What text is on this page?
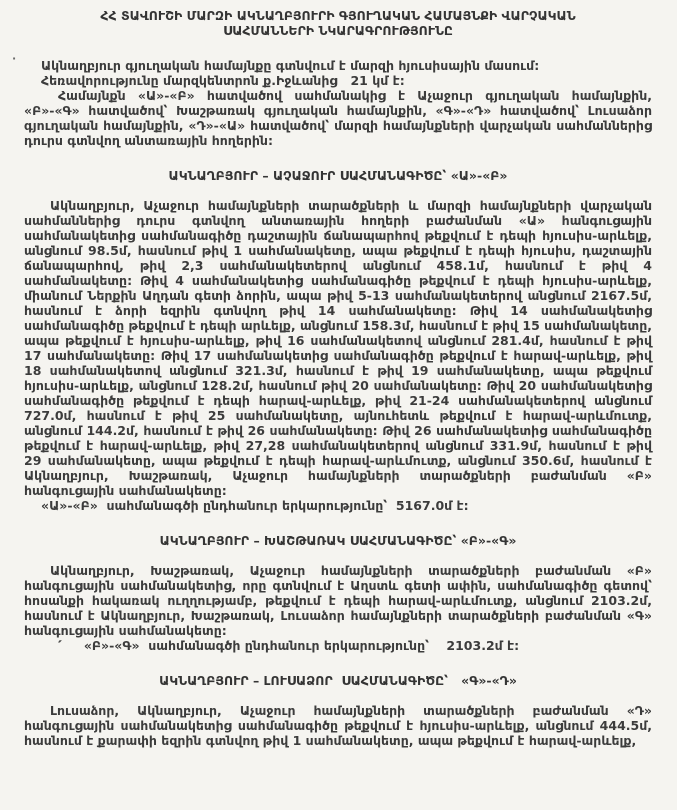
ՀՀ ՏԱՎՈՒՇԻ ՄԱՐԶԻ ԱԿՆԱՂԲՅՈՒՐԻ ԳՅՈՒՂԱԿԱՆ ՀԱՄԱՅՆՔԻ ՎԱՐՉԱԿԱՆ
ՍԱՀՄԱՆՆԵՐԻ ՆԿԱՐԱԳՐՈՒԹՅՈՒՆԸ
·	Ակնաղբյուր գյուղական համայնքը գտնվում է մարզի հյուսիսային մասում:

Հեռավորությունը մարզկենտրոն ք.Իջևանից   21 կմ է:

Համայնքն «Ա»-«Բ» հատվածով սահմանակից է Աչաջուր գյուղական համայնքին, «Բ»-«Գ» հատվածով՝ Խաշթառակ գյուղական համայնքին, «Գ»-«Դ» հատվածով՝ Լուսաձոր գյուղական համայնքին, «Դ»-«Ա» հատվածով՝ մարզի համայնքների վարչական սահմաններից դուրս գտնվող անտառային հողերին:

ԱԿՆԱՂԲՅՈՒՐ – ԱՉԱՋՈՒՐ ՍԱՀՄԱՆԱԳԻԾԸ՝ «Ա»-«Բ»

Ակնաղբյուր, Աչաջուր համայնքների տարածքների և մարզի համայնքների վարչական սահմաններից դուրս գտնվող անտառային հողերի բաժանման «Ա» հանգուցային սահմանակետից սահմանագիծը դաշտային ճանապարհով թեքվում է դեպի հյուսիս-արևելք, անցնում 98.5մ, հասնում թիվ 1 սահմանակետը, ապա թեքվում է դեպի հյուսիս, դաշտային ճանապարհով, թիվ 2,3 սահմանակետերով անցնում 458.1մ, հասնում է թիվ 4 սահմանակետը: Թիվ 4 սահմանակետից սահմանագիծը թեքվում է դեպի հյուսիս-արևելք, միանում Ներքին Աղդան գետի ձորին, ապա թիվ 5-13 սահմանակետերով անցնում 2167.5մ, հասնում է ձորի եզրին գտնվող թիվ 14 սահմանակետը: Թիվ 14 սահմանակետից սահմանագիծը թեքվում է դեպի արևելք, անցնում 158.3մ, հասնում է թիվ 15 սահմանակետը, ապա թեքվում է հյուսիս-արևելք, թիվ 16 սահմանակետով անցնում 281.4մ, հասնում է թիվ 17 սահմանակետը: Թիվ 17 սահմանակետից սահմանագիծը թեքվում է հարավ-արևելք, թիվ 18 սահմանակետով անցնում 321.3մ, հասնում է թիվ 19 սահմանակետը, ապա թեքվում հյուսիս-արևելք, անցնում 128.2մ, հասնում թիվ 20 սահմանակետը: Թիվ 20 սահմանակետից սահմանագիծը թեքվում է դեպի հարավ-արևելք, թիվ 21-24 սահմանակետերով անցնում 727.0մ, հասնում է թիվ 25 սահմանակետը, այնուհետև թեքվում է հարավ-արևմուտք, անցնում 144.2մ, հասնում է թիվ 26 սահմանակետը: Թիվ 26 սահմանակետից սահմանագիծը թեքվում է հարավ-արևելք, թիվ 27,28 սահմանակետերով անցնում 331.9մ, հասնում է թիվ 29 սահմանակետը, ապա թեքվում է դեպի հարավ-արևմուտք, անցնում 350.6մ, հասնում է Ակնաղբյուր, Խաշթառակ, Աչաջուր համայնքների տարածքների բաժանման «Բ» հանգուցային սահմանակետը:

«Ա»-«Բ»  սահմանագծի ընդհանուր երկարությունը՝  5167.0մ է:

ԱԿՆԱՂԲՅՈՒՐ – ԽԱՇԹԱՌԱԿ ՍԱՀՄԱՆԱԳԻԾԸ՝ «Բ»-«Գ»

Ակնաղբյուր, Խաշթառակ, Աչաջուր համայնքների տարածքների բաժանման «Բ» հանգուցային սահմանակետից, որը գտնվում է Աղստև գետի ափին, սահմանագիծը գետով՝ հոսանքի հակառակ ուղղությամբ, թեքվում է դեպի հարավ-արևմուտք, անցնում 2103.2մ, հասնում է Ակնաղբյուր, Խաշթառակ, Լուսաձոր համայնքների տարածքների բաժանման «Գ» հանգուցային սահմանակետը:

՛ «Բ»-«Գ»  սահմանագծի ընդհանուր երկարությունը՝    2103.2մ է:

ԱԿՆԱՂԲՅՈՒՐ – ԼՈՒՍԱՁՈՐ  ՍԱՀՄԱՆԱԳԻԾԸ՝   «Գ»-«Դ»

Լուսաձոր, Ակնաղբյուր, Աչաջուր համայնքների տարածքների բաժանման «Դ» հանգուցային սահմանակետից սահմանագիծը թեքվում է հյուսիս-արևելք, անցնում 444.5մ, հասնում է քարափի եզրին գտնվող թիվ 1 սահմանակետը, ապա թեքվում է հարավ-արևելք,
